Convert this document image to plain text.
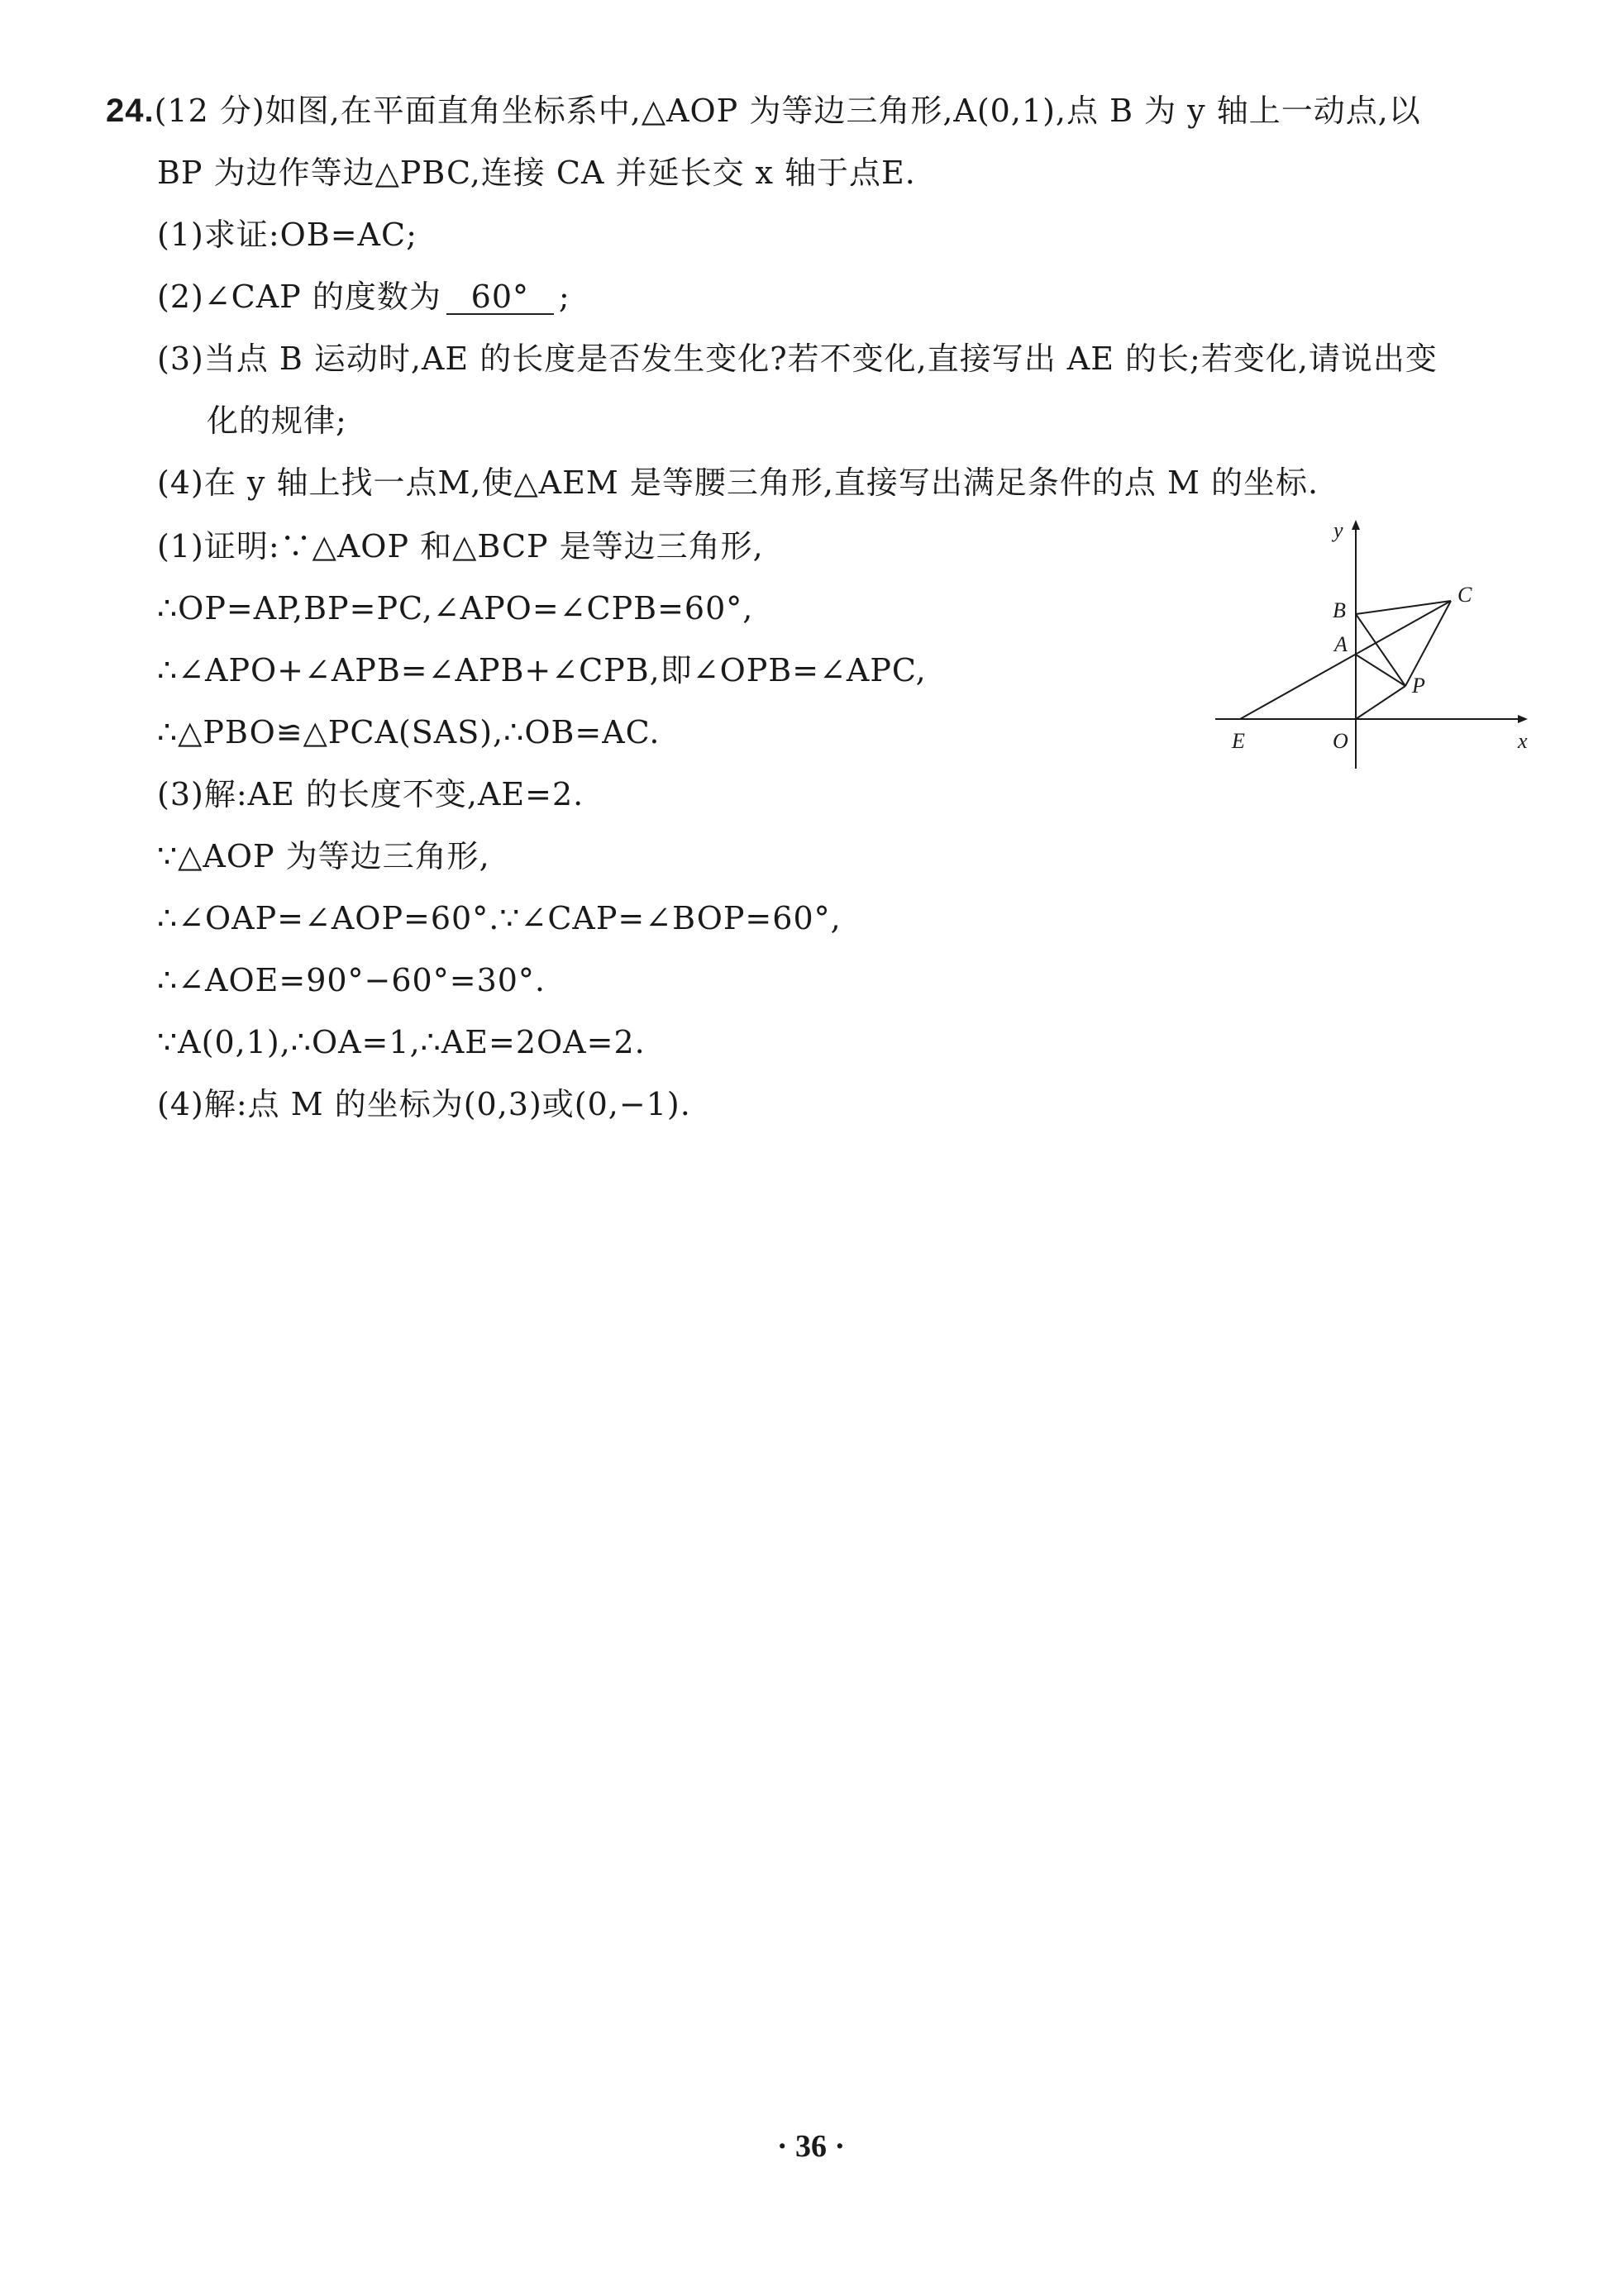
24.(12 分)如图,在平面直角坐标系中,△AOP 为等边三角形,A(0,1),点 B 为 y 轴上一动点,以
BP 为边作等边△PBC,连接 CA 并延长交 x 轴于点E.
(1)求证:OB=AC;
(2)∠CAP 的度数为 60° ;
(3)当点 B 运动时,AE 的长度是否发生变化?若不变化,直接写出 AE 的长;若变化,请说出变
化的规律;
(4)在 y 轴上找一点M,使△AEM 是等腰三角形,直接写出满足条件的点 M 的坐标.
(1)证明:∵△AOP 和△BCP 是等边三角形,
∴OP=AP,BP=PC,∠APO=∠CPB=60°,
∴∠APO+∠APB=∠APB+∠CPB,即∠OPB=∠APC,
∴△PBO≌△PCA(SAS),∴OB=AC.
(3)解:AE 的长度不变,AE=2.
∵△AOP 为等边三角形,
∴∠OAP=∠AOP=60°.∵∠CAP=∠BOP=60°,
∴∠AOE=90°−60°=30°.
∵A(0,1),∴OA=1,∴AE=2OA=2.
(4)解:点 M 的坐标为(0,3)或(0,−1).
y
x
B
C
A
P
E	O
· 36 ·
